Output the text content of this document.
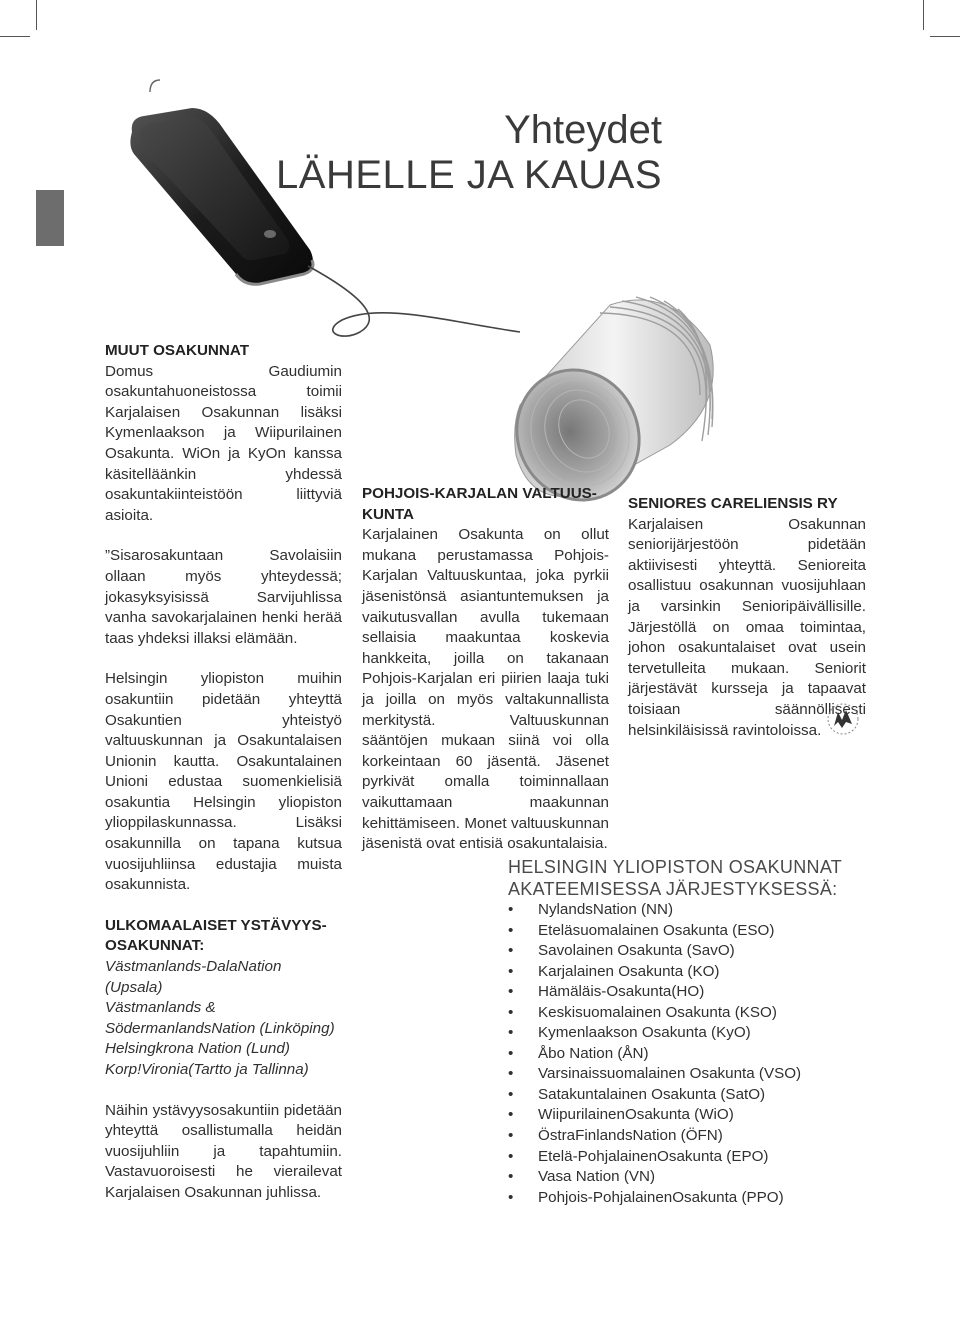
Yhteydet
LÄHELLE JA KAUAS
MUUT OSAKUNNAT

Domus Gaudiumin osakuntahuoneistossa toimii Karjalaisen Osakunnan lisäksi Kymenlaakson ja Wiipurilainen Osakunta. WiOn ja KyOn kanssa käsitelläänkin yhdessä osakuntakiinteistöön liittyviä asioita.

”Sisarosakuntaan Savolaisiin ollaan myös yhteydessä; jokasyksyisissä Sarvijuhlissa vanha savokarjalainen henki herää taas yhdeksi illaksi elämään.

Helsingin yliopiston muihin osakuntiin pidetään yhteyttä Osakuntien yhteistyö valtuuskunnan ja Osakuntalaisen Unionin kautta. Osakuntalainen Unioni edustaa suomenkielisiä osakuntia Helsingin yliopiston ylioppilaskunnassa. Lisäksi osakunnilla on tapana kutsua vuosijuhliinsa edustajia muista osakunnista.

ULKOMAALAISET YSTÄVYYS-OSAKUNNAT:
Västmanlands-DalaNation (Upsala)
Västmanlands & SödermanlandsNation (Linköping)
Helsingkrona Nation (Lund)
Korp!Vironia(Tartto ja Tallinna)

Näihin ystävyysosakuntiin pidetään yhteyttä osallistumalla heidän vuosijuhliin ja tapahtumiin. Vastavuoroisesti he vierailevat Karjalaisen Osakunnan juhlissa.

POHJOIS-KARJALAN VALTUUS-KUNTA

Karjalainen Osakunta on ollut mukana perustamassa Pohjois-Karjalan Valtuuskuntaa, joka pyrkii jäsenistönsä asiantuntemuksen ja vaikutusvallan avulla tukemaan sellaisia maakuntaa koskevia hankkeita, joilla on takanaan Pohjois-Karjalan eri piirien laaja tuki ja joilla on myös valtakunnallista merkitystä. Valtuuskunnan sääntöjen mukaan siinä voi olla korkeintaan 60 jäsentä. Jäsenet pyrkivät omalla toiminnallaan vaikuttamaan maakunnan kehittämiseen. Monet valtuuskunnan jäsenistä ovat entisiä osakuntalaisia.

SENIORES CARELIENSIS RY

Karjalaisen Osakunnan seniorijärjestöön pidetään aktiivisesti yhteyttä. Senioreita osallistuu osakunnan vuosijuhlaan ja varsinkin Senioripäivällisille. Järjestöllä on omaa toimintaa, johon osakuntalaiset ovat usein tervetulleita mukaan. Seniorit järjestävät kursseja ja tapaavat toisiaan säännöllisesti helsinkiläisissä ravintoloissa.

HELSINGIN YLIOPISTON OSAKUNNAT
AKATEEMISESSA JÄRJESTYKSESSÄ:
• NylandsNation (NN)
• Eteläsuomalainen Osakunta (ESO)
• Savolainen Osakunta (SavO)
• Karjalainen Osakunta (KO)
• Hämäläis-Osakunta(HO)
• Keskisuomalainen Osakunta (KSO)
• Kymenlaakson Osakunta (KyO)
• Åbo Nation (ÅN)
• Varsinaissuomalainen Osakunta (VSO)
• Satakuntalainen Osakunta (SatO)
• WiipurilainenOsakunta (WiO)
• ÖstraFinlandsNation (ÖFN)
• Etelä-PohjalainenOsakunta (EPO)
• Vasa Nation (VN)
• Pohjois-PohjalainenOsakunta (PPO)
